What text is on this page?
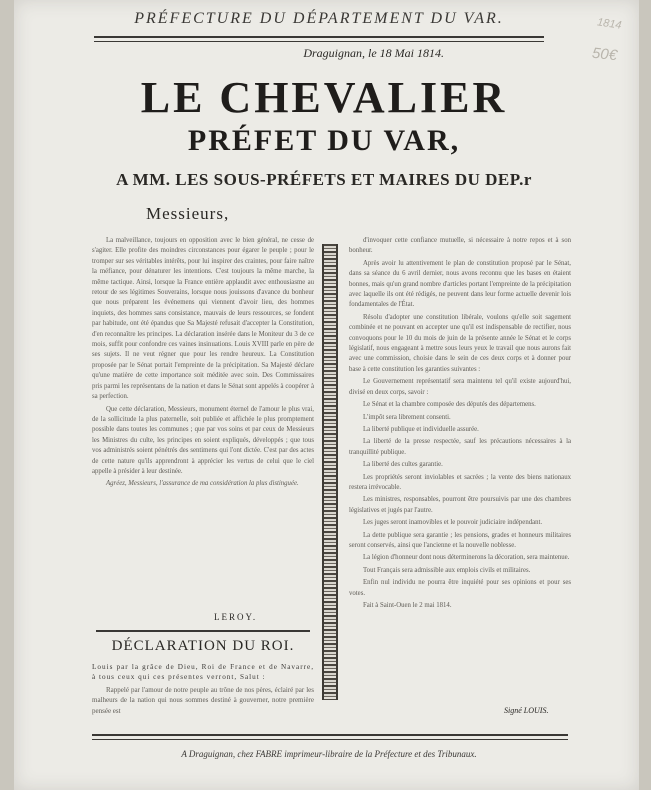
1814
50€
PRÉFECTURE DU DÉPARTEMENT DU VAR.
Draguignan, le 18 Mai 1814.
LE CHEVALIER
PRÉFET DU VAR,
A MM. LES SOUS-PRÉFETS ET MAIRES DU DEP.r
Messieurs,

La malveillance, toujours en opposition avec le bien général, ne cesse de s'agiter. Elle profite des moindres circonstances pour égarer le peuple ; pour le tromper sur ses véritables intérêts, pour lui inspirer des craintes, pour faire naître la méfiance, pour dénaturer les intentions. C'est toujours la même marche, la même tactique. Ainsi, lorsque la France entière applaudit avec enthousiasme au retour de ses légitimes Souverains, lorsque nous jouissons d'avance du bonheur que nous préparent les événemens qui viennent d'avoir lieu, des hommes inquiets, des hommes sans consistance, mauvais de leurs ressources, se fondent par habitude, ont été épandus que Sa Majesté refusait d'accepter la Constitution, d'en reconnaître les principes. La déclaration insérée dans le Moniteur du 3 de ce mois, suffit pour confondre ces vaines insinuations. Louis XVIII parle en père de ses sujets. Il ne veut régner que pour les rendre heureux. La Constitution proposée par le Sénat portait l'empreinte de la précipitation. Sa Majesté déclare qu'une matière de cette importance soit méditée avec soin. Des Commissaires pris parmi les représentans de la nation et dans le Sénat sont appelés à coopérer à sa perfection.

Que cette déclaration, Messieurs, monument éternel de l'amour le plus vrai, de la sollicitude la plus paternelle, soit publiée et affichée le plus promptement possible dans toutes les communes ; que par vos soins et par ceux de Messieurs les Ministres du culte, les principes en soient expliqués, développés ; que tous vos administrés soient pénétrés des sentimens qui l'ont dictée. C'est par des actes de cette nature qu'ils apprendront à apprécier les vertus de celui que le ciel appelle à présider à leur destinée.

Agréez, Messieurs, l'assurance de ma considération la plus distinguée.

LEROY.
DÉCLARATION DU ROI.

Louis par la grâce de Dieu, Roi de France et de Navarre, à tous ceux qui ces présentes verront, Salut :

Rappelé par l'amour de notre peuple au trône de nos pères, éclairé par les malheurs de la nation qui nous sommes destiné à gouverner, notre première pensée est

d'invoquer cette confiance mutuelle, si nécessaire à notre repos et à son bonheur.

Après avoir lu attentivement le plan de constitution proposé par le Sénat, dans sa séance du 6 avril dernier, nous avons reconnu que les bases en étaient bonnes, mais qu'un grand nombre d'articles portant l'empreinte de la précipitation avec laquelle ils ont été rédigés, ne peuvent dans leur forme actuelle devenir lois fondamentales de l'État.

Résolu d'adopter une constitution libérale, voulons qu'elle soit sagement combinée et ne pouvant en accepter une qu'il est indispensable de rectifier, nous convoquons pour le 10 du mois de juin de la présente année le Sénat et le corps législatif, nous engageant à mettre sous leurs yeux le travail que nous aurons fait avec une commission, choisie dans le sein de ces deux corps et à donner pour base à cette constitution les garanties suivantes :

Le Gouvernement représentatif sera maintenu tel qu'il existe aujourd'hui, divisé en deux corps, savoir :

Le Sénat et la chambre composée des députés des départemens.

L'impôt sera librement consenti.

La liberté publique et individuelle assurée.

La liberté de la presse respectée, sauf les précautions nécessaires à la tranquillité publique.

La liberté des cultes garantie.

Les propriétés seront inviolables et sacrées ; la vente des biens nationaux restera irrévocable.

Les ministres, responsables, pourront être poursuivis par une des chambres législatives et jugés par l'autre.

Les juges seront inamovibles et le pouvoir judiciaire indépendant.

La dette publique sera garantie ; les pensions, grades et honneurs militaires seront conservés, ainsi que l'ancienne et la nouvelle noblesse.

La légion d'honneur dont nous déterminerons la décoration, sera maintenue.

Tout Français sera admissible aux emplois civils et militaires.

Enfin nul individu ne pourra être inquiété pour ses opinions et pour ses votes.

Fait à Saint-Ouen le 2 mai 1814.

Signé LOUIS.
A Draguignan, chez FABRE imprimeur-libraire de la Préfecture et des Tribunaux.
